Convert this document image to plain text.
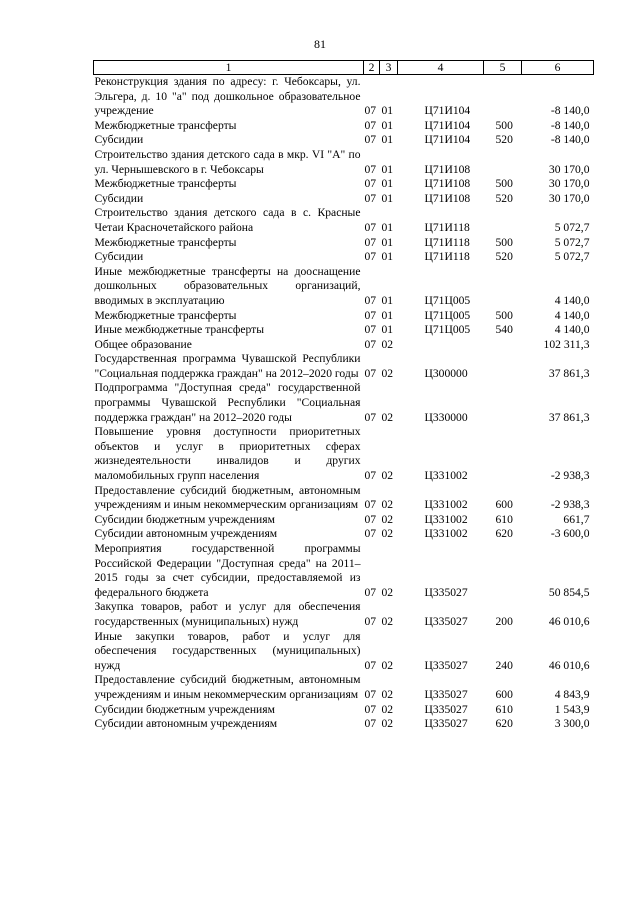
81
1	2	3	4	5	6
Реконструкция здания по адресу: г. Чебоксары, ул. Эльгера, д. 10 "а" под дошкольное образовательное учреждение	07	01	Ц71И104		-8 140,0
Межбюджетные трансферты	07	01	Ц71И104	500	-8 140,0
Субсидии	07	01	Ц71И104	520	-8 140,0
Строительство здания детского сада в мкр. VI "А" по ул. Чернышевского в г. Чебоксары	07	01	Ц71И108		30 170,0
Межбюджетные трансферты	07	01	Ц71И108	500	30 170,0
Субсидии	07	01	Ц71И108	520	30 170,0
Строительство здания детского сада в с. Красные Четаи Красночетайского района	07	01	Ц71И118		5 072,7
Межбюджетные трансферты	07	01	Ц71И118	500	5 072,7
Субсидии	07	01	Ц71И118	520	5 072,7
Иные межбюджетные трансферты на дооснащение дошкольных образовательных организаций, вводимых в эксплуатацию	07	01	Ц71Ц005		4 140,0
Межбюджетные трансферты	07	01	Ц71Ц005	500	4 140,0
Иные межбюджетные трансферты	07	01	Ц71Ц005	540	4 140,0
Общее образование	07	02			102 311,3
Государственная программа Чувашской Республики "Социальная поддержка граждан" на 2012–2020 годы	07	02	Ц300000		37 861,3
Подпрограмма "Доступная среда" государственной программы Чувашской Республики "Социальная поддержка граждан" на 2012–2020 годы	07	02	Ц330000		37 861,3
Повышение уровня доступности приоритетных объектов и услуг в приоритетных сферах жизнедеятельности инвалидов и других маломобильных групп населения	07	02	Ц331002		-2 938,3
Предоставление субсидий бюджетным, автономным учреждениям и иным некоммерческим организациям	07	02	Ц331002	600	-2 938,3
Субсидии бюджетным учреждениям	07	02	Ц331002	610	661,7
Субсидии автономным учреждениям	07	02	Ц331002	620	-3 600,0
Мероприятия государственной программы Российской Федерации "Доступная среда" на 2011–2015 годы за счет субсидии, предоставляемой из федерального бюджета	07	02	Ц335027		50 854,5
Закупка товаров, работ и услуг для обеспечения государственных (муниципальных) нужд	07	02	Ц335027	200	46 010,6
Иные закупки товаров, работ и услуг для обеспечения государственных (муниципальных) нужд	07	02	Ц335027	240	46 010,6
Предоставление субсидий бюджетным, автономным учреждениям и иным некоммерческим организациям	07	02	Ц335027	600	4 843,9
Субсидии бюджетным учреждениям	07	02	Ц335027	610	1 543,9
Субсидии автономным учреждениям	07	02	Ц335027	620	3 300,0
